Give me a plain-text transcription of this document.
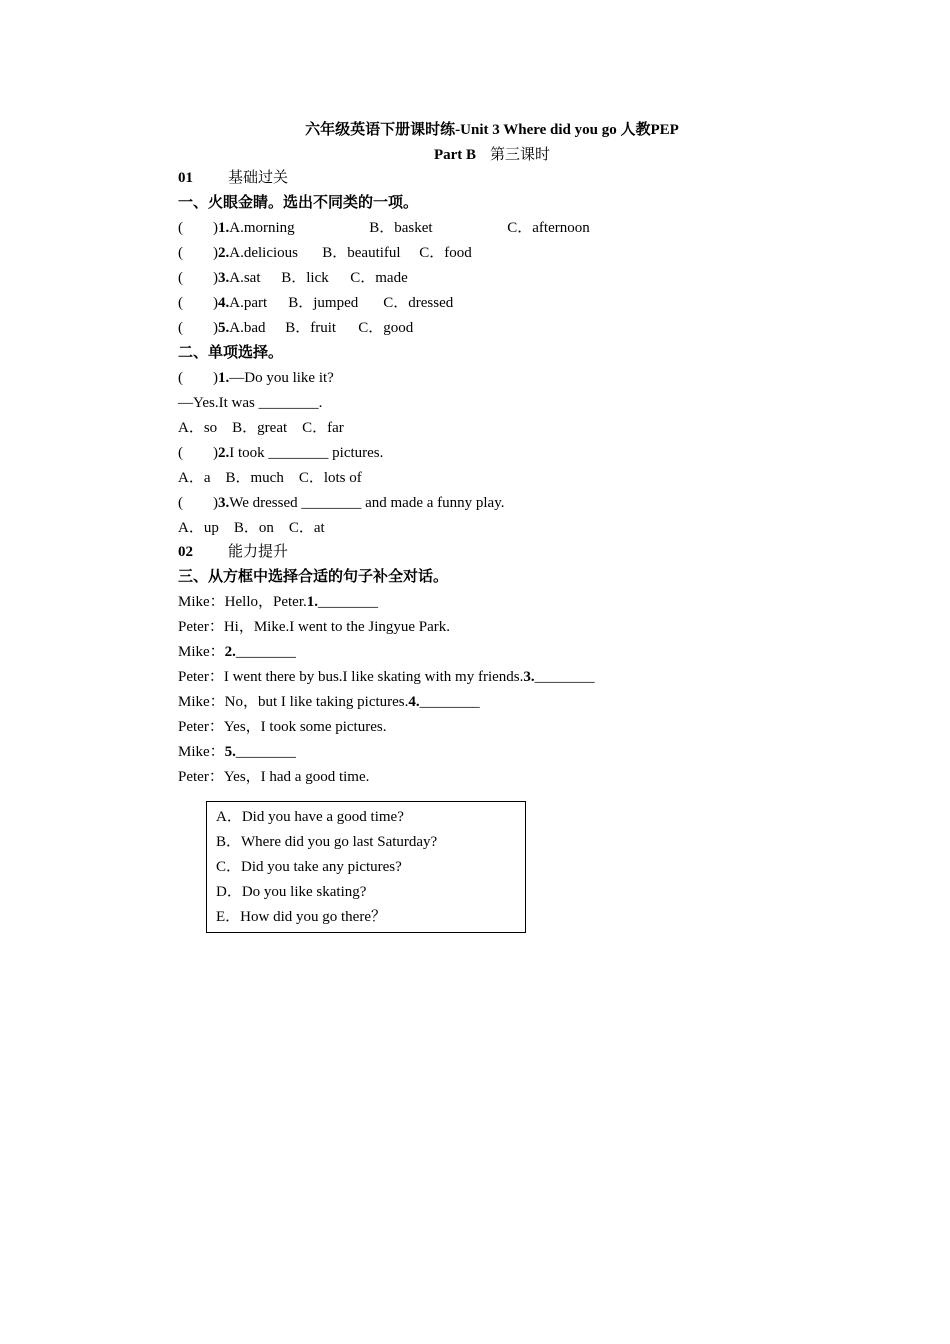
六年级英语下册课时练-Unit 3 Where did you go 人教PEP
Part B 第三课时
01 基础过关
一、火眼金睛。选出不同类的一项。
( )1.A.morning	B．basket	C．afternoon
( )2.A.delicious B．beautiful C．food
( )3.A.sat B．lick C．made
( )4.A.part B．jumped C．dressed
( )5.A.bad B．fruit C．good
二、单项选择。
( )1.—Do you like it?
—Yes.It was ________.
A．so　B．great　C．far
( )2.I took ________ pictures.
A．a　B．much　C．lots of
( )3.We dressed ________ and made a funny play.
A．up　B．on　C．at
02 能力提升
三、从方框中选择合适的句子补全对话。
Mike：Hello，Peter.1.________
Peter：Hi，Mike.I went to the Jingyue Park.
Mike：2.________
Peter：I went there by bus.I like skating with my friends.3.________
Mike：No，but I like taking pictures.4.________
Peter：Yes，I took some pictures.
Mike：5.________
Peter：Yes，I had a good time.
A．Did you have a good time?
B．Where did you go last Saturday?
C．Did you take any pictures?
D．Do you like skating?
E．How did you go there？
